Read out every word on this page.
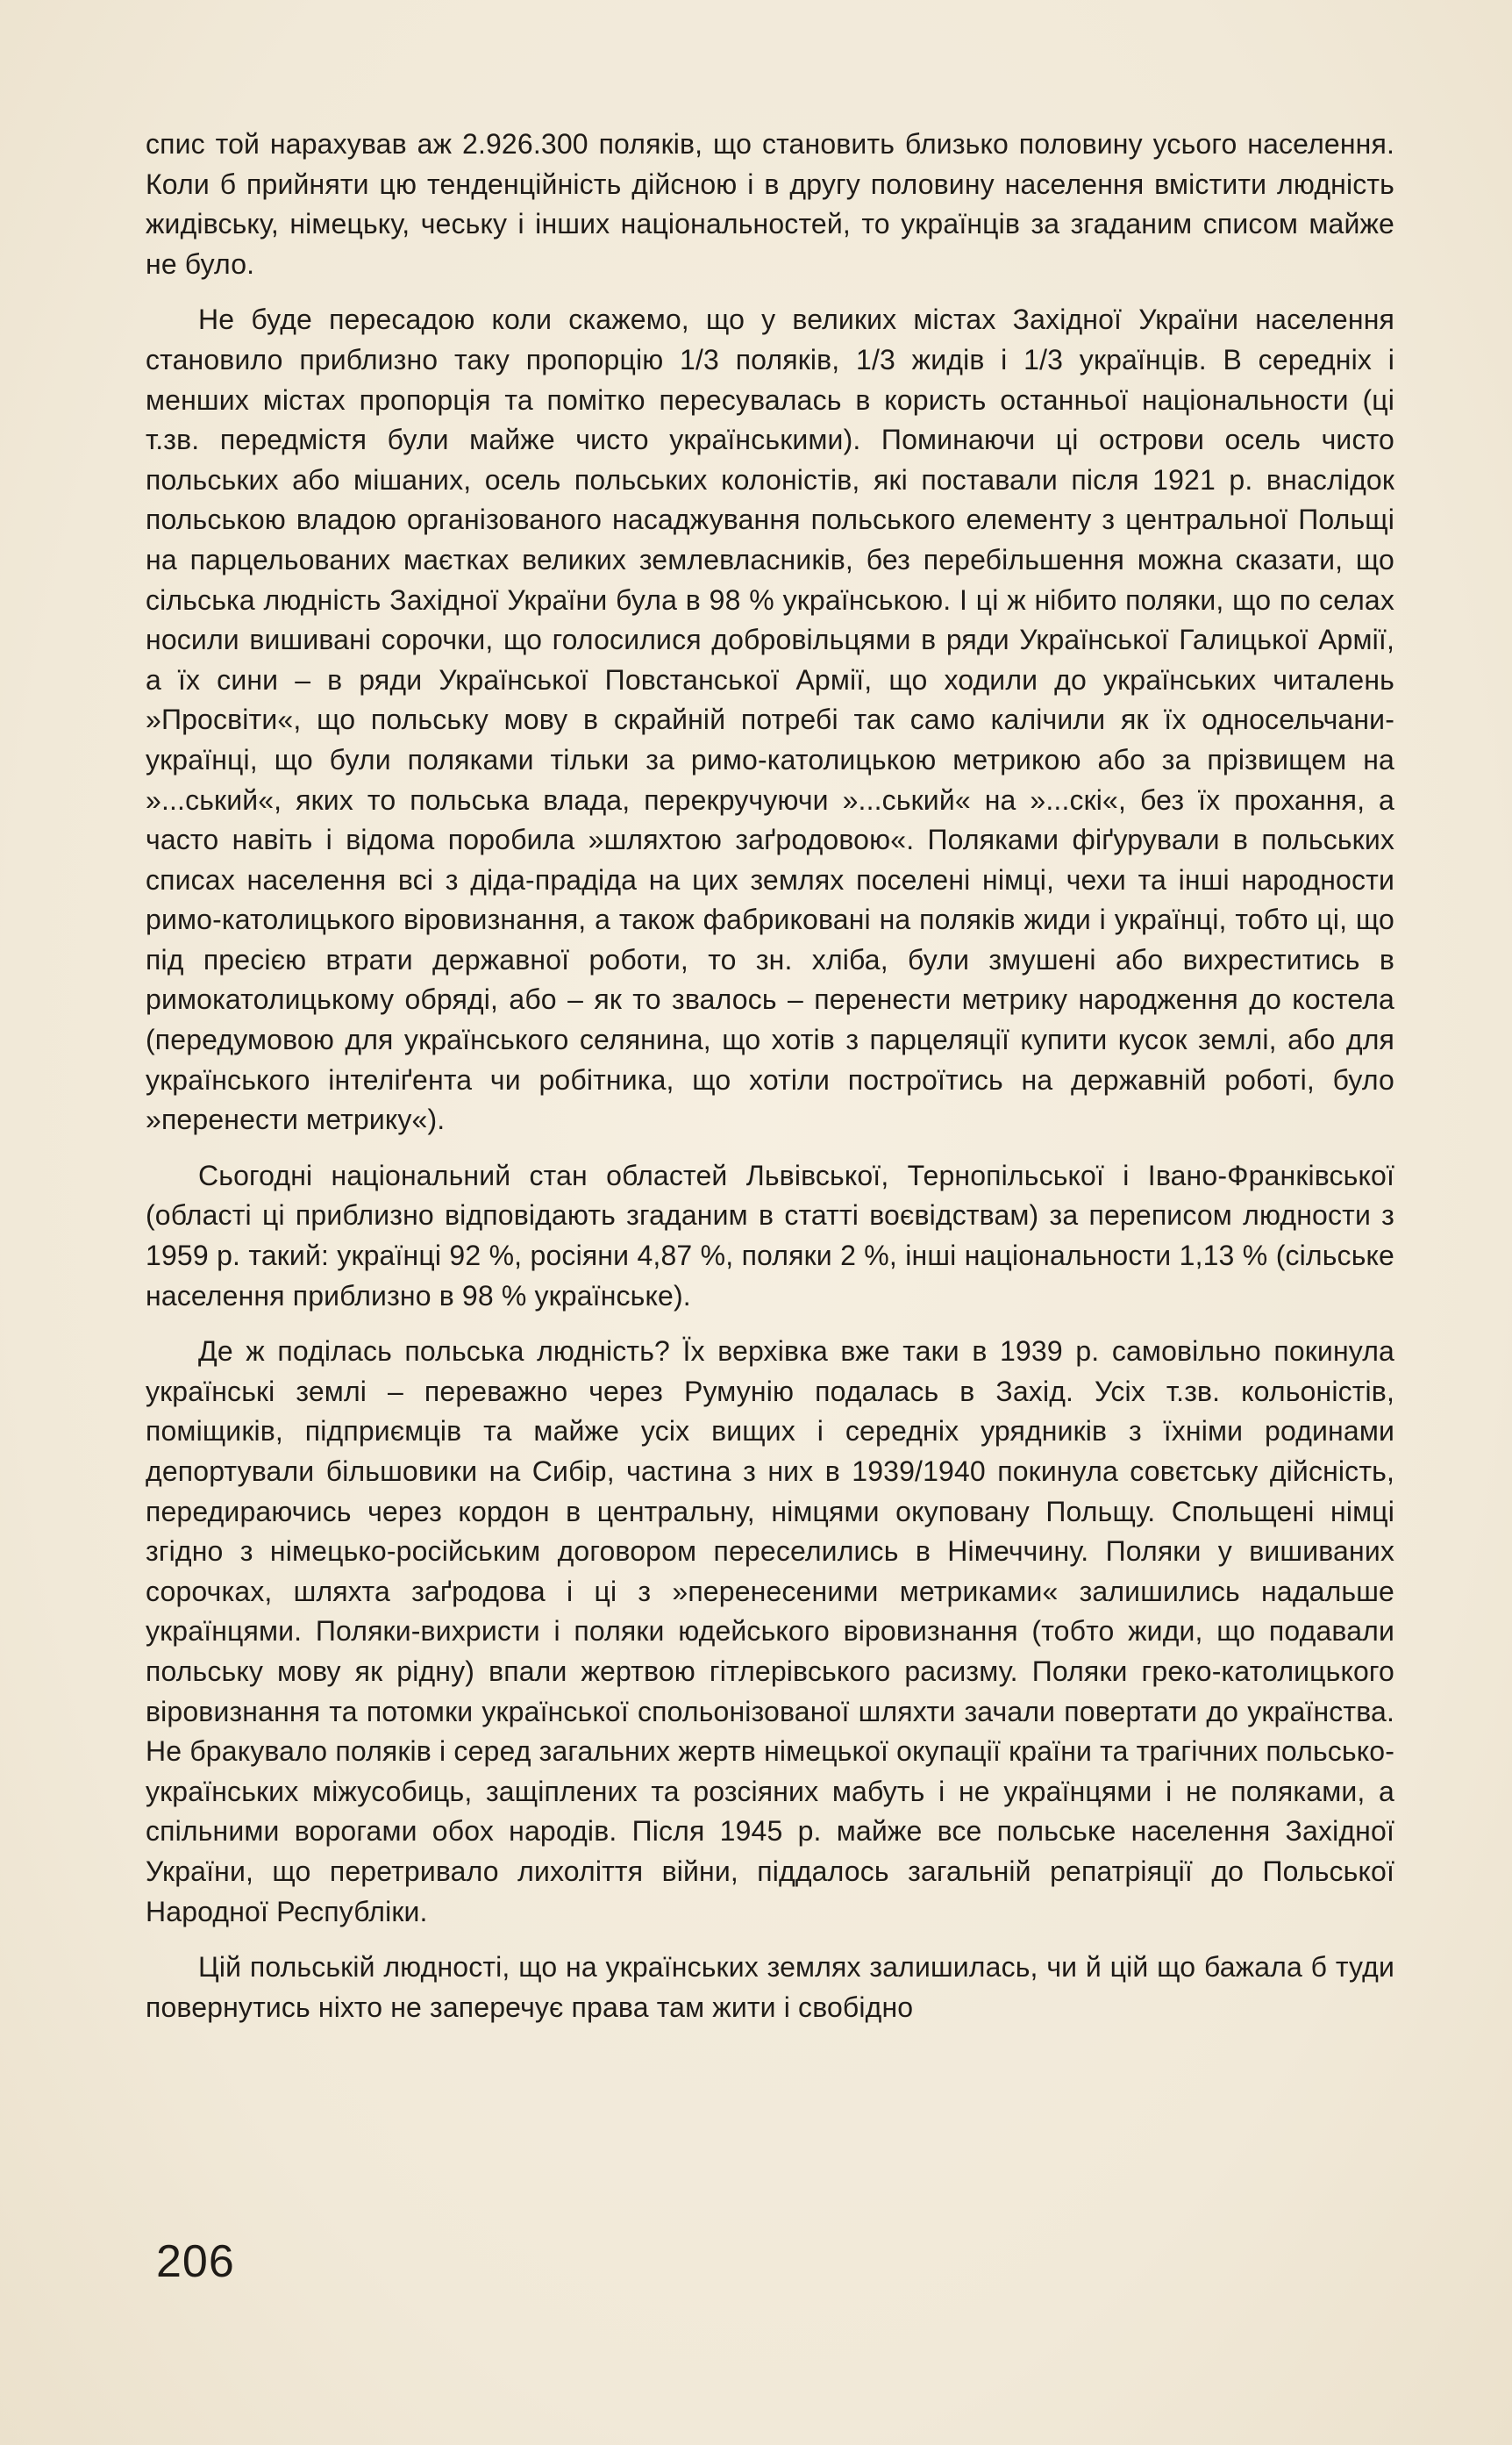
спис той нарахував аж 2.926.300 поляків, що становить близько половину усього населення. Коли б прийняти цю тенденційність дійсною і в другу половину населення вмістити людність жидівську, німецьку, чеську і інших національностей, то українців за згаданим списом майже не було.

Не буде пересадою коли скажемо, що у великих містах Західної України населення становило приблизно таку пропорцію 1/3 поляків, 1/3 жидів і 1/3 українців. В середніх і менших містах пропорція та помітко пересувалась в користь останньої національности (ці т.зв. передмістя були майже чисто українськими). Поминаючи ці острови осель чисто польських або мішаних, осель польських колоністів, які поставали після 1921 р. внаслідок польською владою організованого насаджування польського елементу з центральної Польщі на парцельованих маєтках великих землевласників, без перебільшення можна сказати, що сільська людність Західної України була в 98 % українською. І ці ж нібито поляки, що по селах носили вишивані сорочки, що голосилися добровільцями в ряди Української Галицької Армії, а їх сини – в ряди Української Повстанської Армії, що ходили до українських читалень »Просвіти«, що польську мову в скрайній потребі так само калічили як їх односельчани-українці, що були поляками тільки за римо-католицькою метрикою або за прізвищем на »...ський«, яких то польська влада, перекручуючи »...ський« на »...скі«, без їх прохання, а часто навіть і відома поробила »шляхтою заґродовою«. Поляками фіґурували в польських списах населення всі з діда-прадіда на цих землях поселені німці, чехи та інші народности римо-католицького віровизнання, а також фабриковані на поляків жиди і українці, тобто ці, що під пресією втрати державної роботи, то зн. хліба, були змушені або вихреститись в римокатолицькому обряді, або – як то звалось – перенести метрику народження до костела (передумовою для українського селянина, що хотів з парцеляції купити кусок землі, або для українського інтеліґента чи робітника, що хотіли построїтись на державній роботі, було »перенести метрику«).

Сьогодні національний стан областей Львівської, Тернопільської і Івано-Франківської (області ці приблизно відповідають згаданим в статті воєвідствам) за переписом людности з 1959 р. такий: українці 92 %, росіяни 4,87 %, поляки 2 %, інші національности 1,13 % (сільське населення приблизно в 98 % українське).

Де ж поділась польська людність? Їх верхівка вже таки в 1939 р. самовільно покинула українські землі – переважно через Румунію подалась в Захід. Усіх т.зв. кольоністів, поміщиків, підприємців та майже усіх вищих і середніх урядників з їхніми родинами депортували більшовики на Сибір, частина з них в 1939/1940 покинула совєтську дійсність, передираючись через кордон в центральну, німцями окуповану Польщу. Спольщені німці згідно з німецько-російським договором переселились в Німеччину. Поляки у вишиваних сорочках, шляхта заґродова і ці з »перенесеними метриками« залишились надальше українцями. Поляки-вихристи і поляки юдейського віровизнання (тобто жиди, що подавали польську мову як рідну) впали жертвою гітлерівського расизму. Поляки греко-католицького віровизнання та потомки української спольонізованої шляхти зачали повертати до українства. Не бракувало поляків і серед загальних жертв німецької окупації країни та трагічних польсько-українських міжусобиць, защіплених та розсіяних мабуть і не українцями і не поляками, а спільними ворогами обох народів. Після 1945 р. майже все польське населення Західної України, що перетривало лихоліття війни, піддалось загальній репатріяції до Польської Народної Республіки.

Цій польській людності, що на українських землях залишилась, чи й цій що бажала б туди повернутись ніхто не заперечує права там жити і свобідно

206
